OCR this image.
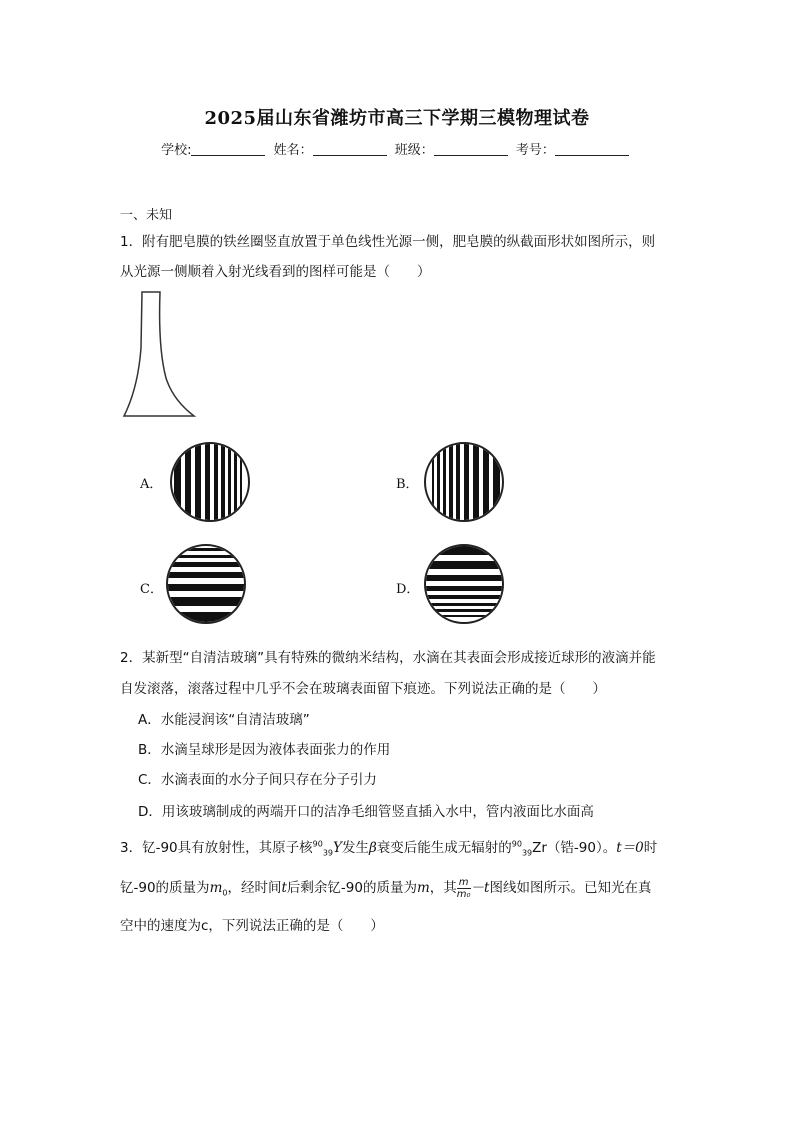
2025届山东省潍坊市高三下学期三模物理试卷
学校:	姓名：	班级：	考号：
一、未知
1．附有肥皂膜的铁丝圈竖直放置于单色线性光源一侧，肥皂膜的纵截面形状如图所示，则
从光源一侧顺着入射光线看到的图样可能是（　　）
A．	B．
C．	D．
2．某新型“自清洁玻璃”具有特殊的微纳米结构，水滴在其表面会形成接近球形的液滴并能
自发滚落，滚落过程中几乎不会在玻璃表面留下痕迹。下列说法正确的是（　　）
A．水能浸润该“自清洁玻璃”
B．水滴呈球形是因为液体表面张力的作用
C．水滴表面的水分子间只存在分子引力
D．用该玻璃制成的两端开口的洁净毛细管竖直插入水中，管内液面比水面高
3．钇-90具有放射性，其原子核$^{90}_{39}$Y发生β衰变后能生成无辐射的$^{90}_{39}$Zr（锆-90）。t＝0时
钇-90的质量为$m_0$，经时间t后剩余钇-90的质量为m，其 $\frac{m}{\text{m₀}} -t$图线如图所示。已知光在真
空中的速度为c，下列说法正确的是（　　）
